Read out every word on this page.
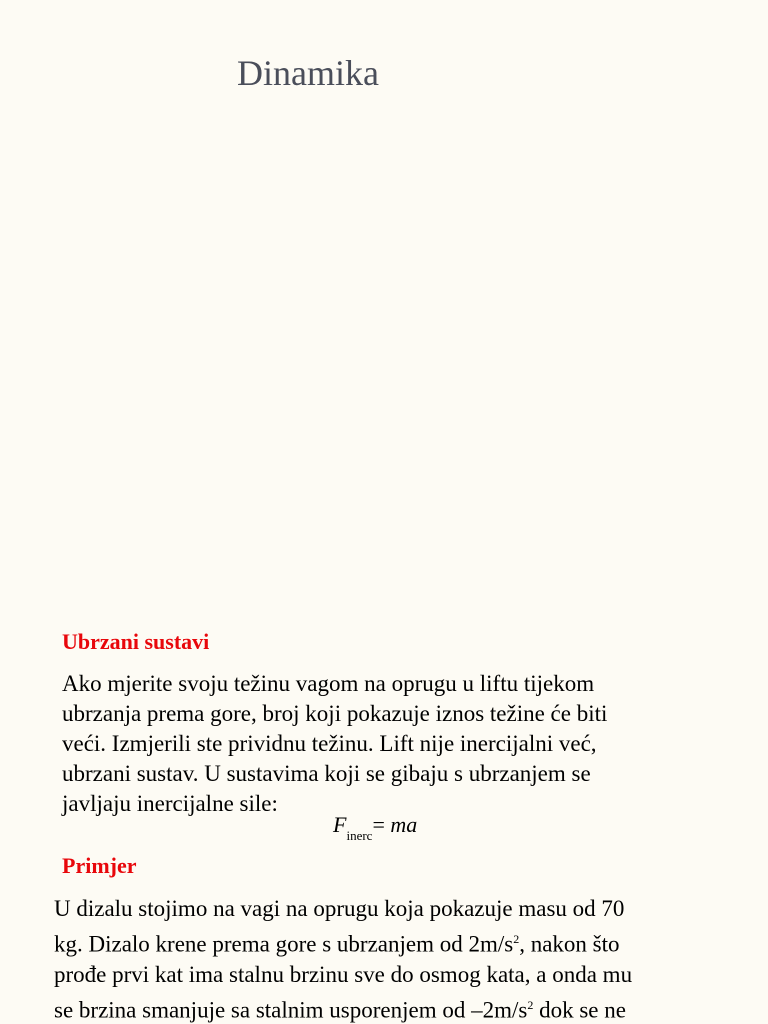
Dinamika
Ubrzani sustavi
Ako mjerite svoju težinu vagom na oprugu u liftu tijekom
ubrzanja prema gore, broj koji pokazuje iznos težine će biti
veći. Izmjerili ste prividnu težinu. Lift nije inercijalni već,
ubrzani sustav. U sustavima koji se gibaju s ubrzanjem se
javljaju inercijalne sile:
$F_{inerc}=$ ma
Primjer
U dizalu stojimo na vagi na oprugu koja pokazuje masu od 70
kg. Dizalo krene prema gore s ubrzanjem od $2m/s^2$, nakon što
prođe prvi kat ima stalnu brzinu sve do osmog kata, a onda mu
se brzina smanjuje sa stalnim usporenjem od $-2m/s^2$ dok se ne
